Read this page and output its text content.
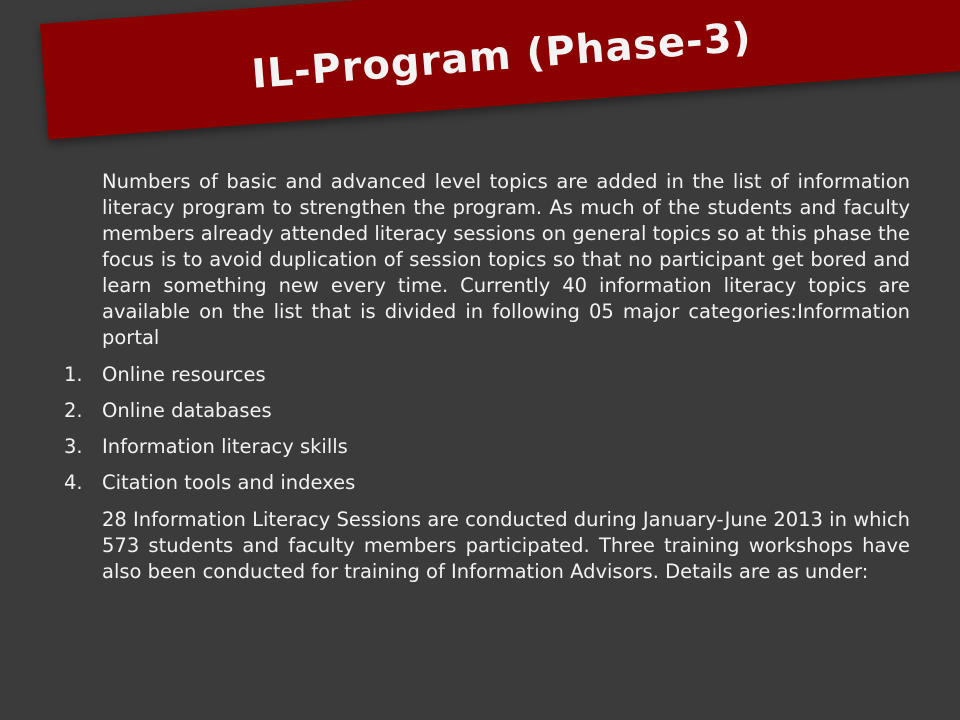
IL-Program (Phase-3)

Numbers of basic and advanced level topics are added in the list of information literacy program to strengthen the program. As much of the students and faculty members already attended literacy sessions on general topics so at this phase the focus is to avoid duplication of session topics so that no participant get bored and learn something new every time. Currently 40 information literacy topics are available on the list that is divided in following 05 major categories:Information portal

1. Online resources
2. Online databases
3. Information literacy skills
4. Citation tools and indexes

28 Information Literacy Sessions are conducted during January-June 2013 in which 573 students and faculty members participated. Three training workshops have also been conducted for training of Information Advisors. Details are as under:
